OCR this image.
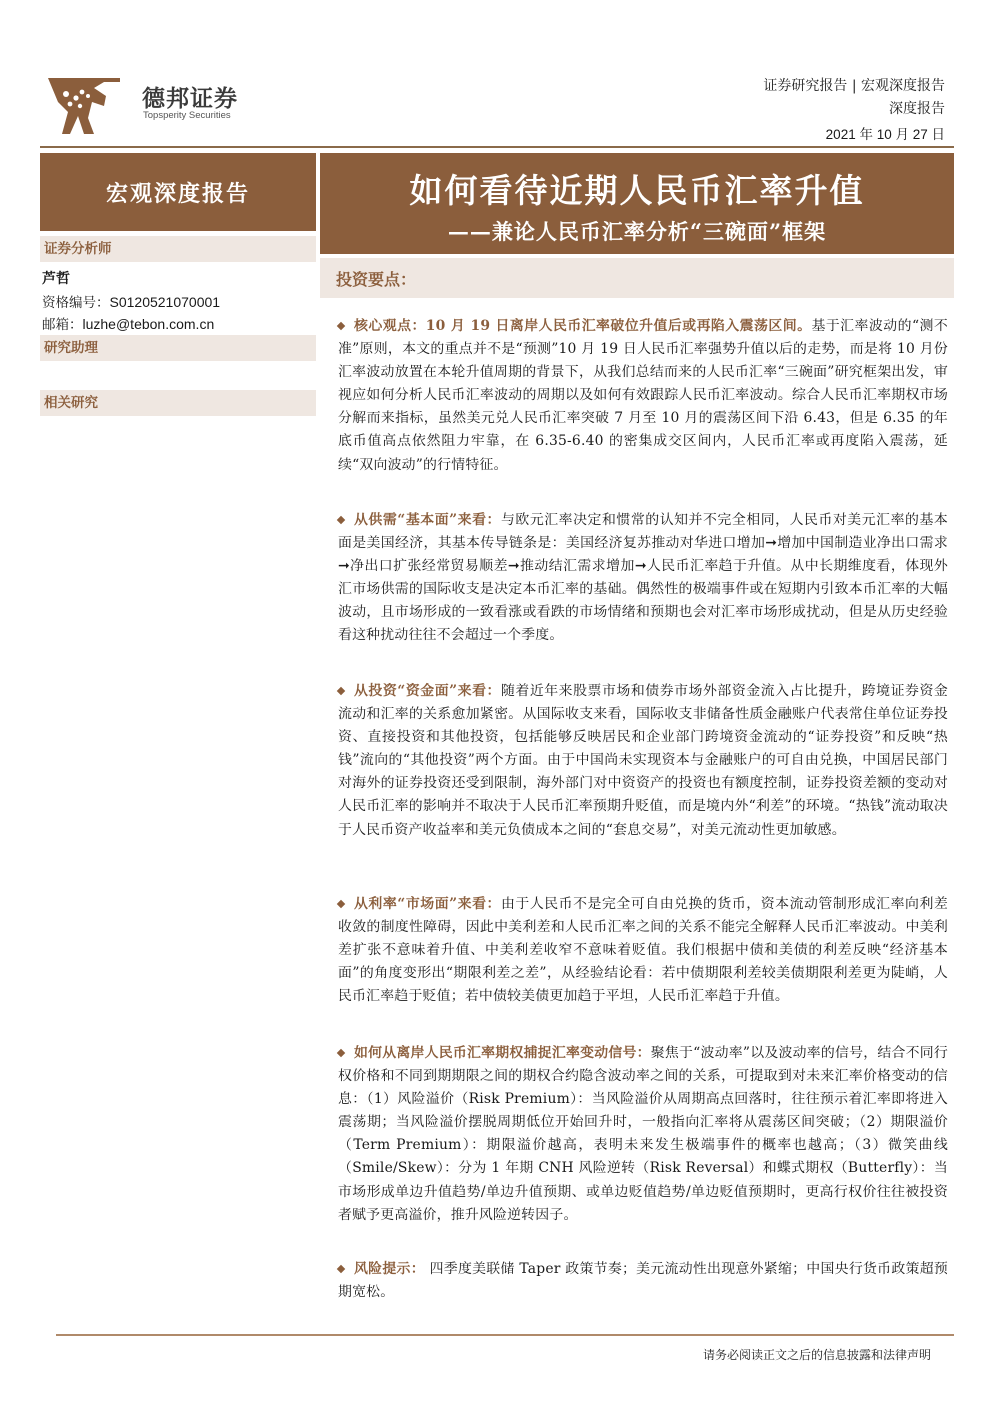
德邦证券
Topsperity Securities
证券研究报告 | 宏观深度报告
深度报告
2021 年 10 月 27 日
宏观深度报告
证券分析师
芦哲
资格编号：S0120521070001
邮箱：luzhe@tebon.com.cn
研究助理
相关研究
如何看待近期人民币汇率升值
——兼论人民币汇率分析“三碗面”框架
投资要点：
核心观点：10 月 19 日离岸人民币汇率破位升值后或再陷入震荡区间。基于汇率波动的“测不准”原则，本文的重点并不是“预测”10 月 19 日人民币汇率强势升值以后的走势，而是将 10 月份汇率波动放置在本轮升值周期的背景下，从我们总结而来的人民币汇率“三碗面”研究框架出发，审视应如何分析人民币汇率波动的周期以及如何有效跟踪人民币汇率波动。综合人民币汇率期权市场分解而来指标，虽然美元兑人民币汇率突破 7 月至 10 月的震荡区间下沿 6.43，但是 6.35 的年底币值高点依然阻力牢靠，在 6.35-6.40 的密集成交区间内，人民币汇率或再度陷入震荡，延续“双向波动”的行情特征。
从供需“基本面”来看：与欧元汇率决定和惯常的认知并不完全相同，人民币对美元汇率的基本面是美国经济，其基本传导链条是：美国经济复苏推动对华进口增加➞增加中国制造业净出口需求➞净出口扩张经常贸易顺差➞推动结汇需求增加➞人民币汇率趋于升值。从中长期维度看，体现外汇市场供需的国际收支是决定本币汇率的基础。偶然性的极端事件或在短期内引致本币汇率的大幅波动，且市场形成的一致看涨或看跌的市场情绪和预期也会对汇率市场形成扰动，但是从历史经验看这种扰动往往不会超过一个季度。
从投资“资金面”来看：随着近年来股票市场和债券市场外部资金流入占比提升，跨境证券资金流动和汇率的关系愈加紧密。从国际收支来看，国际收支非储备性质金融账户代表常住单位证券投资、直接投资和其他投资，包括能够反映居民和企业部门跨境资金流动的“证券投资”和反映“热钱”流向的“其他投资”两个方面。由于中国尚未实现资本与金融账户的可自由兑换，中国居民部门对海外的证券投资还受到限制，海外部门对中资资产的投资也有额度控制，证券投资差额的变动对人民币汇率的影响并不取决于人民币汇率预期升贬值，而是境内外“利差”的环境。“热钱”流动取决于人民币资产收益率和美元负债成本之间的“套息交易”，对美元流动性更加敏感。
从利率“市场面”来看：由于人民币不是完全可自由兑换的货币，资本流动管制形成汇率向利差收敛的制度性障碍，因此中美利差和人民币汇率之间的关系不能完全解释人民币汇率波动。中美利差扩张不意味着升值、中美利差收窄不意味着贬值。我们根据中债和美债的利差反映“经济基本面”的角度变形出“期限利差之差”，从经验结论看：若中债期限利差较美债期限利差更为陡峭，人民币汇率趋于贬值；若中债较美债更加趋于平坦，人民币汇率趋于升值。
如何从离岸人民币汇率期权捕捉汇率变动信号：聚焦于“波动率”以及波动率的信号，结合不同行权价格和不同到期期限之间的期权合约隐含波动率之间的关系，可提取到对未来汇率价格变动的信息：（1）风险溢价（Risk Premium）：当风险溢价从周期高点回落时，往往预示着汇率即将进入震荡期；当风险溢价摆脱周期低位开始回升时，一般指向汇率将从震荡区间突破；（2）期限溢价（Term Premium）：期限溢价越高，表明未来发生极端事件的概率也越高；（3）微笑曲线（Smile/Skew）：分为 1 年期 CNH 风险逆转（Risk Reversal）和蝶式期权（Butterfly）：当市场形成单边升值趋势/单边升值预期、或单边贬值趋势/单边贬值预期时，更高行权价往往被投资者赋予更高溢价，推升风险逆转因子。
风险提示： 四季度美联储 Taper 政策节奏；美元流动性出现意外紧缩；中国央行货币政策超预期宽松。
请务必阅读正文之后的信息披露和法律声明
